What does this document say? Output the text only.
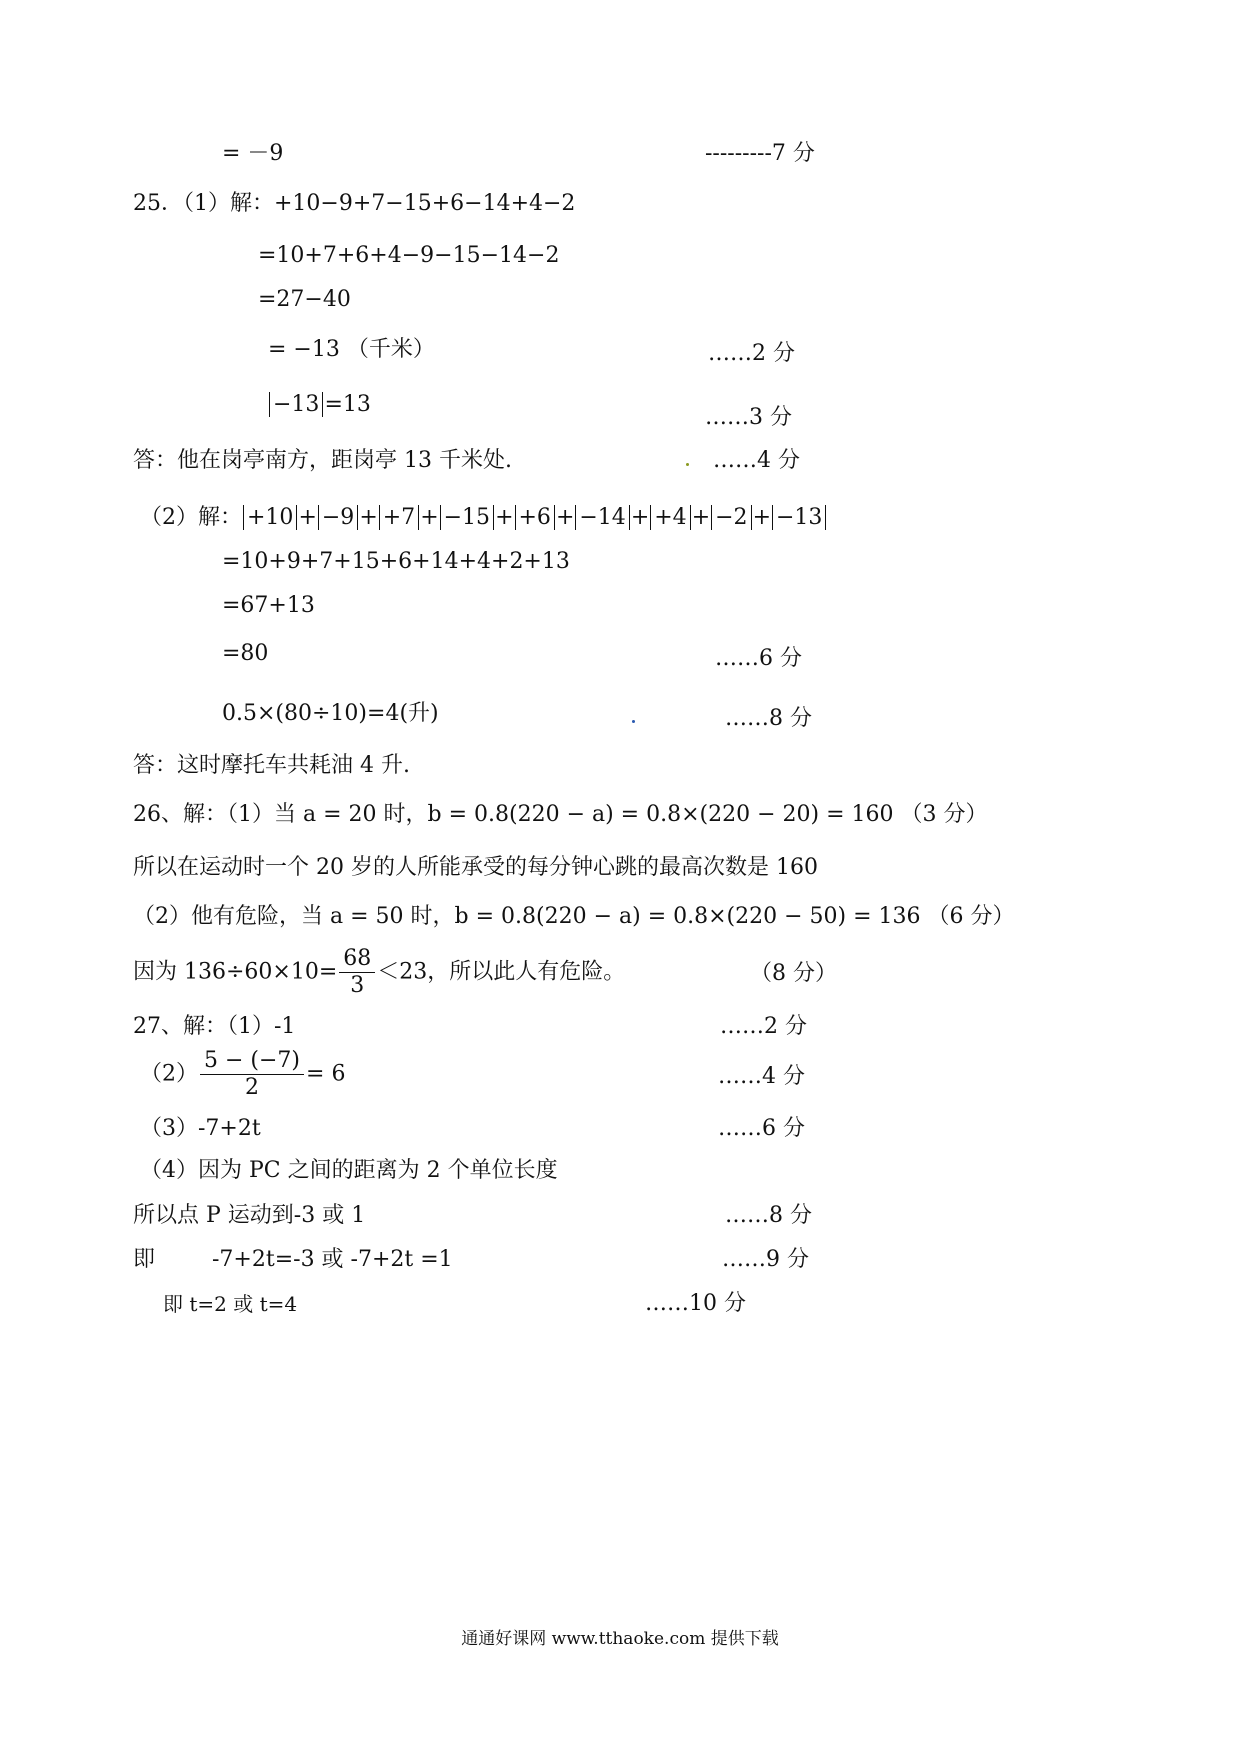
= －9	---------7 分
25．（1）解：+10−9+7−15+6−14+4−2
=10+7+6+4−9−15−14−2
=27−40
= −13 （千米）	……2 分
−13 =13
……3 分
答：他在岗亭南方，距岗亭 13 千米处.	……4 分
（2）解： +10 + −9 + +7 + −15 + +6 + −14 + +4 + −2 + −13
=10+9+7+15+6+14+4+2+13
=67+13
=80	……6 分
0.5×(80÷10)=4(升)	……8 分
答：这时摩托车共耗油 4 升.
26、解：（1）当 a = 20 时，b = 0.8(220 − a) = 0.8×(220 − 20) = 160 （3 分）
所以在运动时一个 20 岁的人所能承受的每分钟心跳的最高次数是 160
（2）他有危险，当 a = 50 时，b = 0.8(220 − a) = 0.8×(220 − 50) = 136 （6 分）
因为 $136\div 60\times 10= \frac{68}{3} <23$，所以此人有危险。	（8 分）
27、解：（1）-1	……2 分
$(2) \frac{5 - (-7)}{2} = 6$	……4 分
（3）-7+2t	……6 分
（4）因为 PC 之间的距离为 2 个单位长度
所以点 P 运动到-3 或 1	……8 分
即	-7+2t=-3 或 -7+2t =1	……9 分
即 t=2 或 t=4	……10 分
通通好课网 www.tthaoke.com 提供下载
